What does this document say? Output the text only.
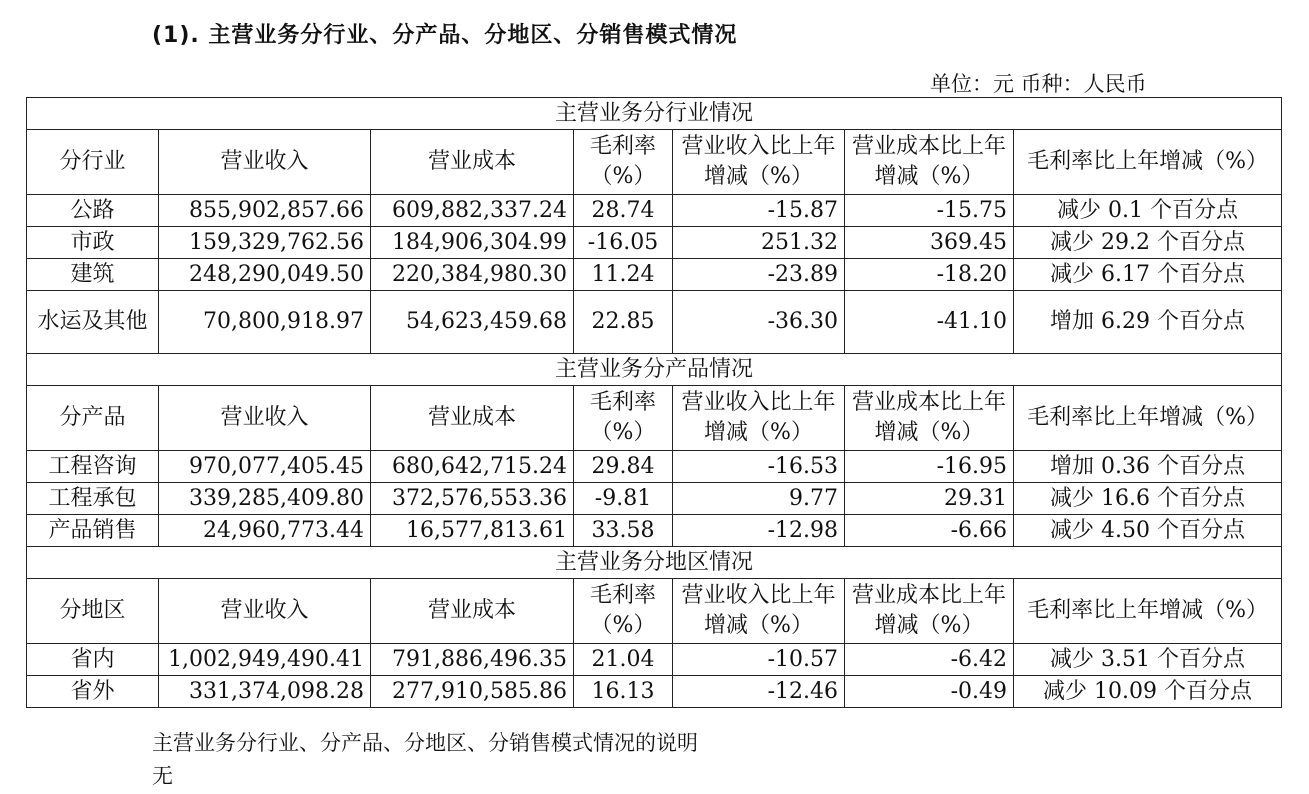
(1). 主营业务分行业、分产品、分地区、分销售模式情况
单位：元 币种：人民币
主营业务分行业情况						
分行业	营业收入	营业成本	毛利率（%）	营业收入比上年增减（%）	营业成本比上年增减（%）	毛利率比上年增减（%）
公路	855,902,857.66	609,882,337.24	28.74	-15.87	-15.75	减少 0.1 个百分点
市政	159,329,762.56	184,906,304.99	-16.05	251.32	369.45	减少 29.2 个百分点
建筑	248,290,049.50	220,384,980.30	11.24	-23.89	-18.20	减少 6.17 个百分点
水运及其他	70,800,918.97	54,623,459.68	22.85	-36.30	-41.10	增加 6.29 个百分点
主营业务分产品情况						
分产品	营业收入	营业成本	毛利率（%）	营业收入比上年增减（%）	营业成本比上年增减（%）	毛利率比上年增减（%）
工程咨询	970,077,405.45	680,642,715.24	29.84	-16.53	-16.95	增加 0.36 个百分点
工程承包	339,285,409.80	372,576,553.36	-9.81	9.77	29.31	减少 16.6 个百分点
产品销售	24,960,773.44	16,577,813.61	33.58	-12.98	-6.66	减少 4.50 个百分点
主营业务分地区情况						
分地区	营业收入	营业成本	毛利率（%）	营业收入比上年增减（%）	营业成本比上年增减（%）	毛利率比上年增减（%）
省内	1,002,949,490.41	791,886,496.35	21.04	-10.57	-6.42	减少 3.51 个百分点
省外	331,374,098.28	277,910,585.86	16.13	-12.46	-0.49	减少 10.09 个百分点
主营业务分行业、分产品、分地区、分销售模式情况的说明
无
